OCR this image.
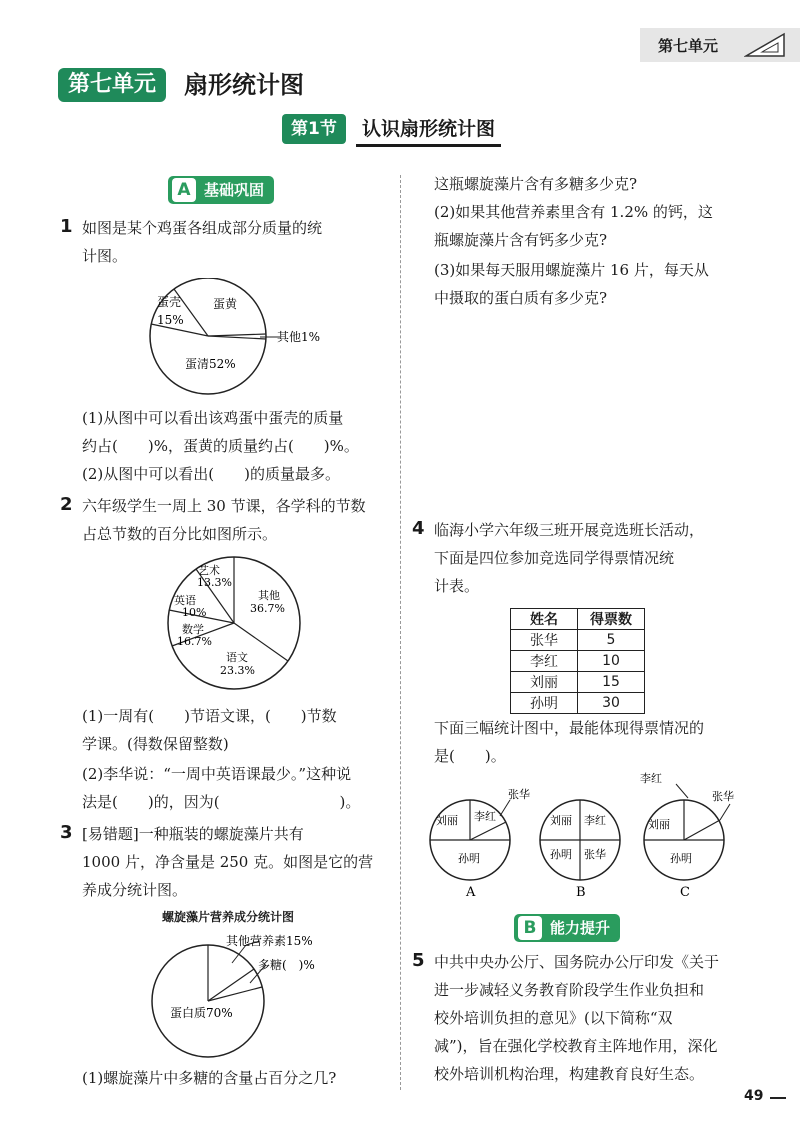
第七单元
第七单元	扇形统计图
第1节	认识扇形统计图
A 基础巩固
1 如图是某个鸡蛋各组成部分质量的统
计图。
蛋壳
15%
蛋黄
蛋清52%
其他1%
(1)从图中可以看出该鸡蛋中蛋壳的质量
约占(　　)%，蛋黄的质量约占(　　)%。
(2)从图中可以看出(　　)的质量最多。
2 六年级学生一周上 30 节课，各学科的节数
占总节数的百分比如图所示。
艺术
13.3%
其他
36.7%
英语
10%
数学
16.7%
语文
23.3%
(1)一周有(　　)节语文课，(　　)节数
学课。(得数保留整数)
(2)李华说：“一周中英语课最少。”这种说
法是(　　)的，因为(　　　　　　　　)。
3 [易错题]一种瓶装的螺旋藻片共有
1000 片，净含量是 250 克。如图是它的营
养成分统计图。
螺旋藻片营养成分统计图
其他营养素15%
多糖(　)%
蛋白质70%
(1)螺旋藻片中多糖的含量占百分之几?
这瓶螺旋藻片含有多糖多少克?
(2)如果其他营养素里含有 1.2% 的钙，这
瓶螺旋藻片含有钙多少克?
(3)如果每天服用螺旋藻片 16 片，每天从
中摄取的蛋白质有多少克?
4 临海小学六年级三班开展竞选班长活动，
下面是四位参加竞选同学得票情况统
计表。
姓名	得票数
张华	5
李红	10
刘丽	15
孙明	30
下面三幅统计图中，最能体现得票情况的
是(　　)。
刘丽 李红
张华
孙明
A
刘丽 李红
孙明 张华
B
李红
张华
刘丽
孙明
C
B 能力提升
5 中共中央办公厅、国务院办公厅印发《关于
进一步减轻义务教育阶段学生作业负担和
校外培训负担的意见》(以下简称“双
减”)，旨在强化学校教育主阵地作用，深化
校外培训机构治理，构建教育良好生态。
49
